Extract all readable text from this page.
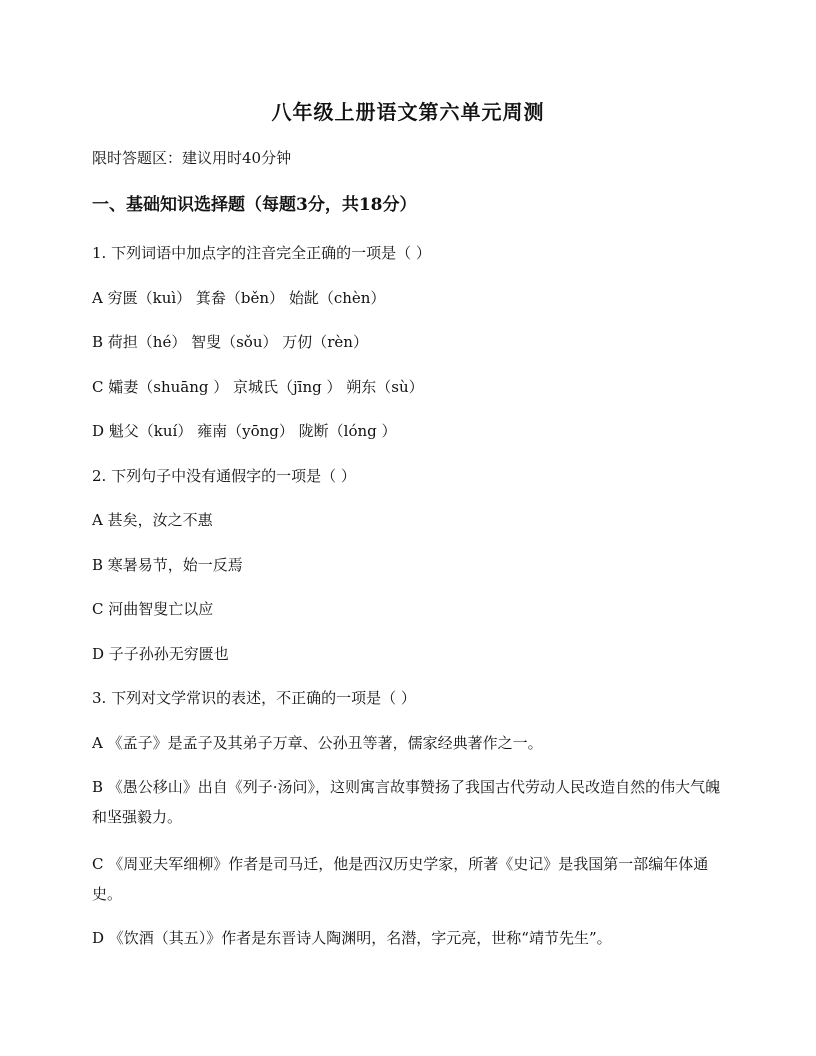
八年级上册语文第六单元周测
限时答题区：建议用时40分钟
一、基础知识选择题（每题3分，共18分）
1. 下列词语中加点字的注音完全正确的一项是（ ）
A 穷匮（kuì） 箕畚（běn） 始龀（chèn）
B 荷担（hé） 智叟（sǒu） 万仞（rèn）
C 孀妻（shuāng ） 京城氏（jīng ） 朔东（sù）
D 魁父（kuí） 雍南（yōng） 陇断（lóng ）
2. 下列句子中没有通假字的一项是（ ）
A 甚矣，汝之不惠
B 寒暑易节，始一反焉
C 河曲智叟亡以应
D 子子孙孙无穷匮也
3. 下列对文学常识的表述，不正确的一项是（ ）
A 《孟子》是孟子及其弟子万章、公孙丑等著，儒家经典著作之一。
B 《愚公移山》出自《列子·汤问》，这则寓言故事赞扬了我国古代劳动人民改造自然的伟大气魄和坚强毅力。
C 《周亚夫军细柳》作者是司马迁，他是西汉历史学家，所著《史记》是我国第一部编年体通史。
D 《饮酒（其五）》作者是东晋诗人陶渊明，名潜，字元亮，世称“靖节先生”。
